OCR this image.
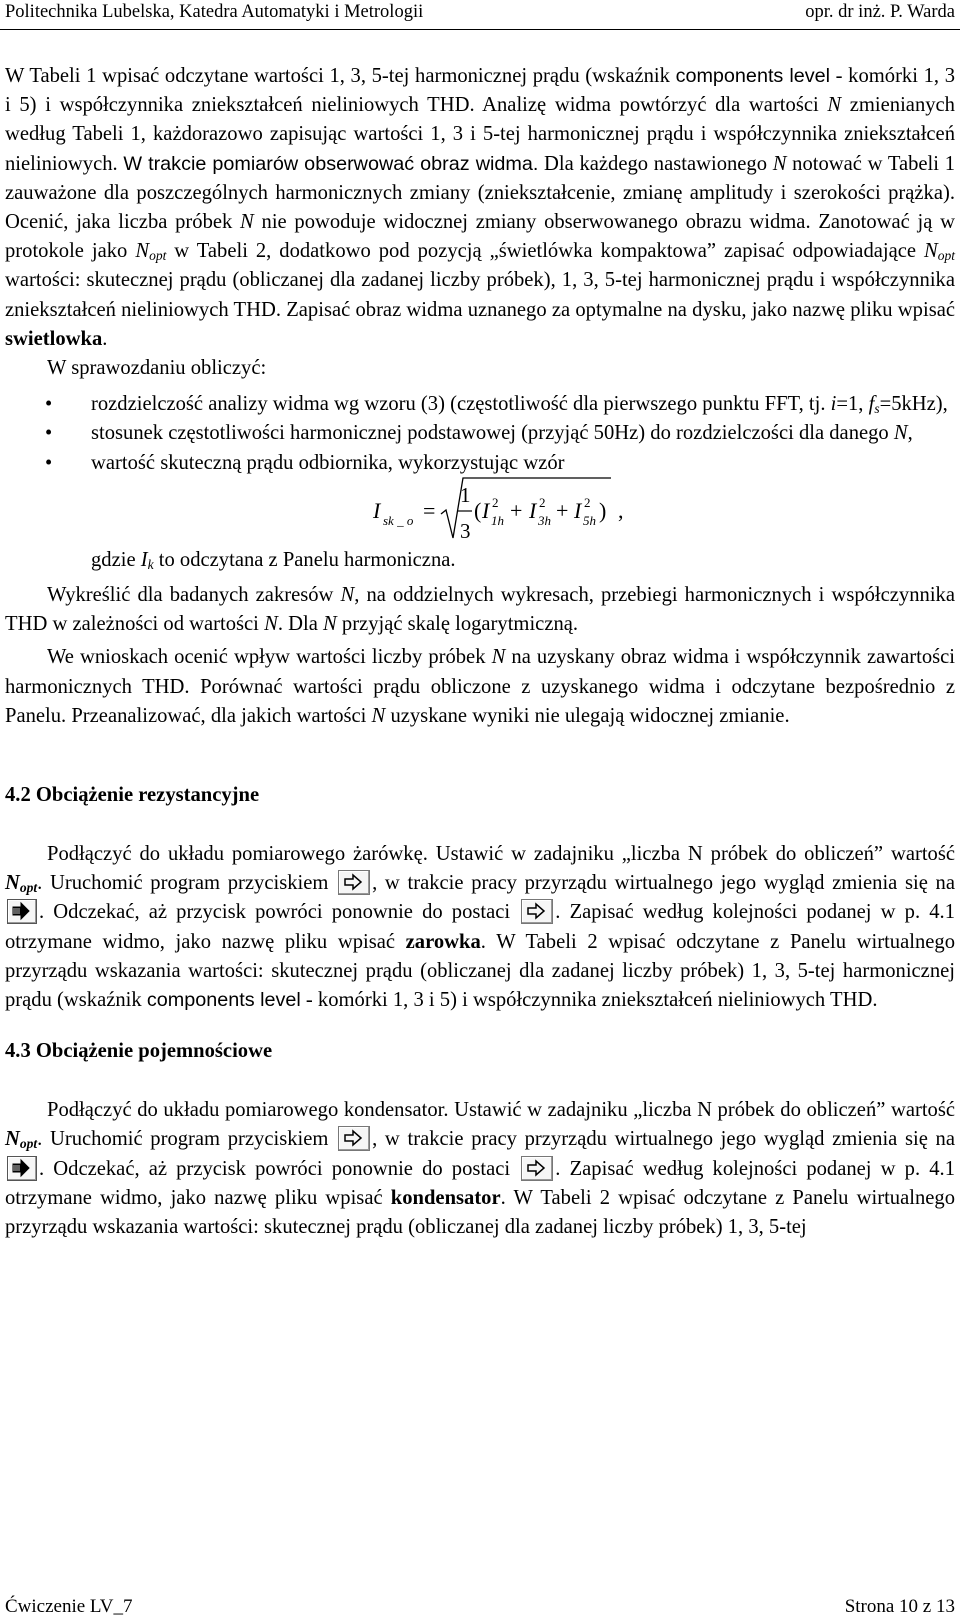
Politechnika Lubelska, Katedra Automatyki i Metrologii	opr. dr inż. P. Warda

W Tabeli 1 wpisać odczytane wartości 1, 3, 5-tej harmonicznej prądu (wskaźnik components level - komórki 1, 3 i 5) i współczynnika zniekształceń nieliniowych THD. Analizę widma powtórzyć dla wartości N zmienianych według Tabeli 1, każdorazowo zapisując wartości 1, 3 i 5-tej harmonicznej prądu i współczynnika zniekształceń nieliniowych. W trakcie pomiarów obserwować obraz widma. Dla każdego nastawionego N notować w Tabeli 1 zauważone dla poszczególnych harmonicznych zmiany (zniekształcenie, zmianę amplitudy i szerokości prążka). Ocenić, jaka liczba próbek N nie powoduje widocznej zmiany obserwowanego obrazu widma. Zanotować ją w protokole jako $N_{opt}$ w Tabeli 2, dodatkowo pod pozycją „świetlówka kompaktowa” zapisać odpowiadające $N_{opt}$ wartości: skutecznej prądu (obliczanej dla zadanej liczby próbek), 1, 3, 5-tej harmonicznej prądu i współczynnika zniekształceń nieliniowych THD. Zapisać obraz widma uznanego za optymalne na dysku, jako nazwę pliku wpisać swietlowka.

W sprawozdaniu obliczyć:

• rozdzielczość analizy widma wg wzoru (3) (częstotliwość dla pierwszego punktu FFT, tj. i=1, $f_s=5kHz$),
• stosunek częstotliwości harmonicznej podstawowej (przyjąć 50Hz) do rozdzielczości dla danego N,
• wartość skuteczną prądu odbiornika, wykorzystując wzór
I sk _ o =
1
3
( I 2
1h + I 2
3h + I 2
5h ) ,
gdzie $I_k$ to odczytana z Panelu harmoniczna.

Wykreślić dla badanych zakresów N, na oddzielnych wykresach, przebiegi harmonicznych i współczynnika THD w zależności od wartości N. Dla N przyjąć skalę logarytmiczną.

We wnioskach ocenić wpływ wartości liczby próbek N na uzyskany obraz widma i współczynnik zawartości harmonicznych THD. Porównać wartości prądu obliczone z uzyskanego widma i odczytane bezpośrednio z Panelu. Przeanalizować, dla jakich wartości N uzyskane wyniki nie ulegają widocznej zmianie.

4.2 Obciążenie rezystancyjne

Podłączyć do układu pomiarowego żarówkę. Ustawić w zadajniku „liczba N próbek do obliczeń” wartość $N_{opt}$. Uruchomić program przyciskiem
, w trakcie pracy przyrządu wirtualnego jego wygląd zmienia się na
. Odczekać, aż przycisk powróci ponownie do postaci
. Zapisać według kolejności podanej w p. 4.1 otrzymane widmo, jako nazwę pliku wpisać zarowka. W Tabeli 2 wpisać odczytane z Panelu wirtualnego przyrządu wskazania wartości: skutecznej prądu (obliczanej dla zadanej liczby próbek) 1, 3, 5-tej harmonicznej prądu (wskaźnik components level - komórki 1, 3 i 5) i współczynnika zniekształceń nieliniowych THD.

4.3 Obciążenie pojemnościowe

Podłączyć do układu pomiarowego kondensator. Ustawić w zadajniku „liczba N próbek do obliczeń” wartość $N_{opt}$. Uruchomić program przyciskiem
, w trakcie pracy przyrządu wirtualnego jego wygląd zmienia się na
. Odczekać, aż przycisk powróci ponownie do postaci
. Zapisać według kolejności podanej w p. 4.1 otrzymane widmo, jako nazwę pliku wpisać kondensator. W Tabeli 2 wpisać odczytane z Panelu wirtualnego przyrządu wskazania wartości: skutecznej prądu (obliczanej dla zadanej liczby próbek) 1, 3, 5-tej

Ćwiczenie LV_7	Strona 10 z 13
